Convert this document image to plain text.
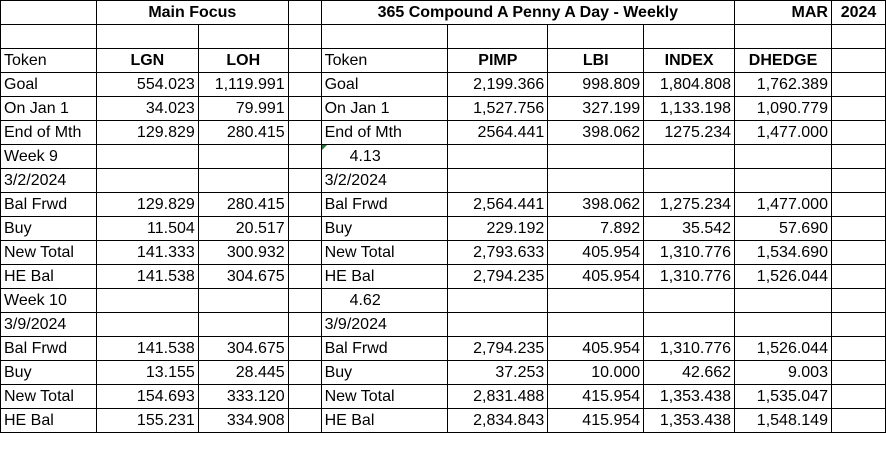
	Main Focus			365 Compound A Penny A Day - Weekly				MAR	2024

Token	LGN	LOH		Token	PIMP	LBI	INDEX	DHEDGE	
Goal	554.023	1,119.991		Goal	2,199.366	998.809	1,804.808	1,762.389	
On Jan 1	34.023	79.991		On Jan 1	1,527.756	327.199	1,133.198	1,090.779	
End of Mth	129.829	280.415		End of Mth	2564.441	398.062	1275.234	1,477.000	
Week 9				4.13					
3/2/2024				3/2/2024					
Bal Frwd	129.829	280.415		Bal Frwd	2,564.441	398.062	1,275.234	1,477.000	
Buy	11.504	20.517		Buy	229.192	7.892	35.542	57.690	
New Total	141.333	300.932		New Total	2,793.633	405.954	1,310.776	1,534.690	
HE Bal	141.538	304.675		HE Bal	2,794.235	405.954	1,310.776	1,526.044	
Week 10				4.62					
3/9/2024				3/9/2024					
Bal Frwd	141.538	304.675		Bal Frwd	2,794.235	405.954	1,310.776	1,526.044	
Buy	13.155	28.445		Buy	37.253	10.000	42.662	9.003	
New Total	154.693	333.120		New Total	2,831.488	415.954	1,353.438	1,535.047	
HE Bal	155.231	334.908		HE Bal	2,834.843	415.954	1,353.438	1,548.149	
